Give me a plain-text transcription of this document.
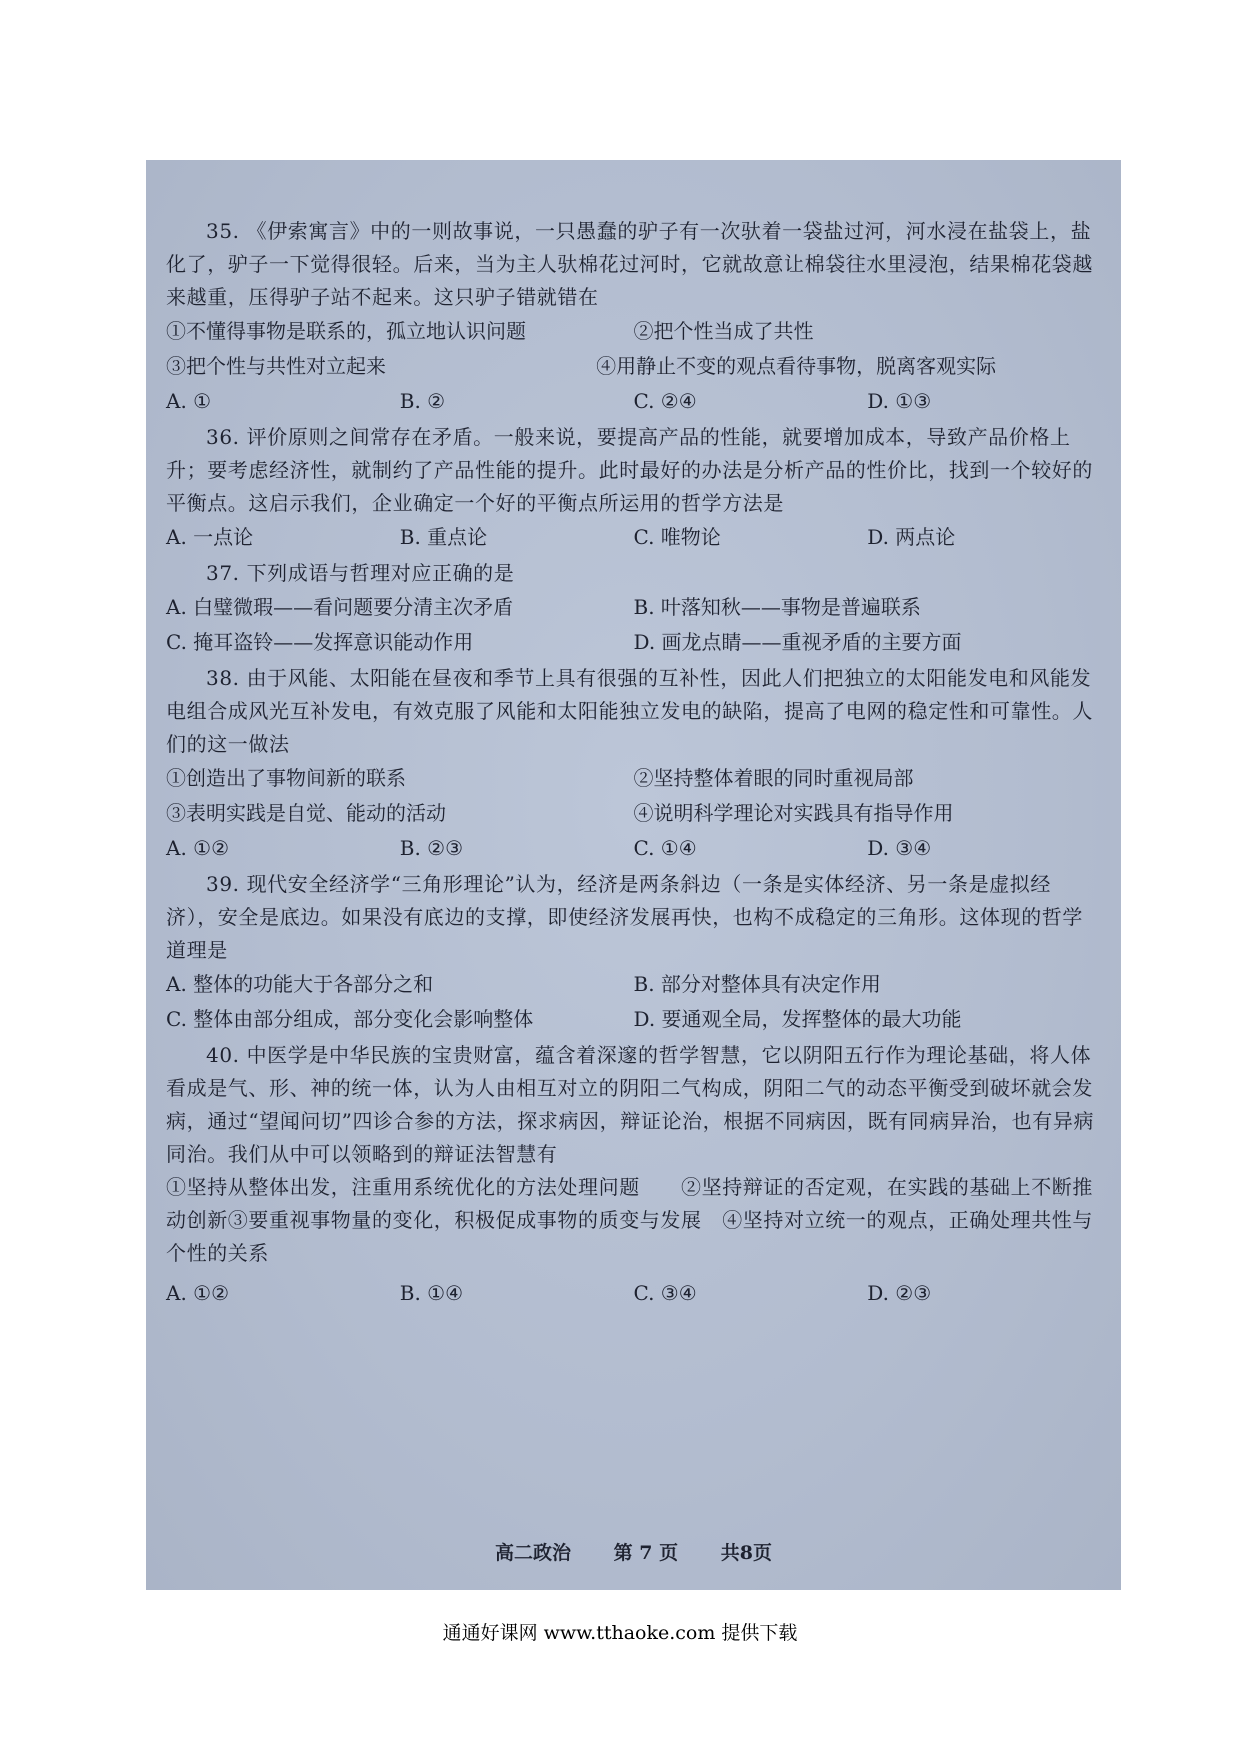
35. 《伊索寓言》中的一则故事说，一只愚蠢的驴子有一次驮着一袋盐过河，河水浸在盐袋上，盐化了，驴子一下觉得很轻。后来，当为主人驮棉花过河时，它就故意让棉袋往水里浸泡，结果棉花袋越来越重，压得驴子站不起来。这只驴子错就错在

①不懂得事物是联系的，孤立地认识问题	②把个性当成了共性
③把个性与共性对立起来	④用静止不变的观点看待事物，脱离客观实际
A. ①	B. ②	C. ②④	D. ①③

36. 评价原则之间常存在矛盾。一般来说，要提高产品的性能，就要增加成本，导致产品价格上升；要考虑经济性，就制约了产品性能的提升。此时最好的办法是分析产品的性价比，找到一个较好的平衡点。这启示我们，企业确定一个好的平衡点所运用的哲学方法是

A. 一点论	B. 重点论	C. 唯物论	D. 两点论

37. 下列成语与哲理对应正确的是

A. 白璧微瑕——看问题要分清主次矛盾	B. 叶落知秋——事物是普遍联系
C. 掩耳盗铃——发挥意识能动作用	D. 画龙点睛——重视矛盾的主要方面

38. 由于风能、太阳能在昼夜和季节上具有很强的互补性，因此人们把独立的太阳能发电和风能发电组合成风光互补发电，有效克服了风能和太阳能独立发电的缺陷，提高了电网的稳定性和可靠性。人们的这一做法

①创造出了事物间新的联系	②坚持整体着眼的同时重视局部
③表明实践是自觉、能动的活动	④说明科学理论对实践具有指导作用
A. ①②	B. ②③	C. ①④	D. ③④

39. 现代安全经济学“三角形理论”认为，经济是两条斜边（一条是实体经济、另一条是虚拟经济），安全是底边。如果没有底边的支撑，即使经济发展再快，也构不成稳定的三角形。这体现的哲学道理是

A. 整体的功能大于各部分之和	B. 部分对整体具有决定作用
C. 整体由部分组成，部分变化会影响整体	D. 要通观全局，发挥整体的最大功能

40. 中医学是中华民族的宝贵财富，蕴含着深邃的哲学智慧，它以阴阳五行作为理论基础，将人体看成是气、形、神的统一体，认为人由相互对立的阴阳二气构成，阴阳二气的动态平衡受到破坏就会发病，通过“望闻问切”四诊合参的方法，探求病因，辩证论治，根据不同病因，既有同病异治，也有异病同治。我们从中可以领略到的辩证法智慧有

①坚持从整体出发，注重用系统优化的方法处理问题　　②坚持辩证的否定观，在实践的基础上不断推动创新③要重视事物量的变化，积极促成事物的质变与发展　④坚持对立统一的观点，正确处理共性与个性的关系

A. ①②	B. ①④	C. ③④	D. ②③
高二政治 第 7 页 共8页
通通好课网 www.tthaoke.com 提供下载
